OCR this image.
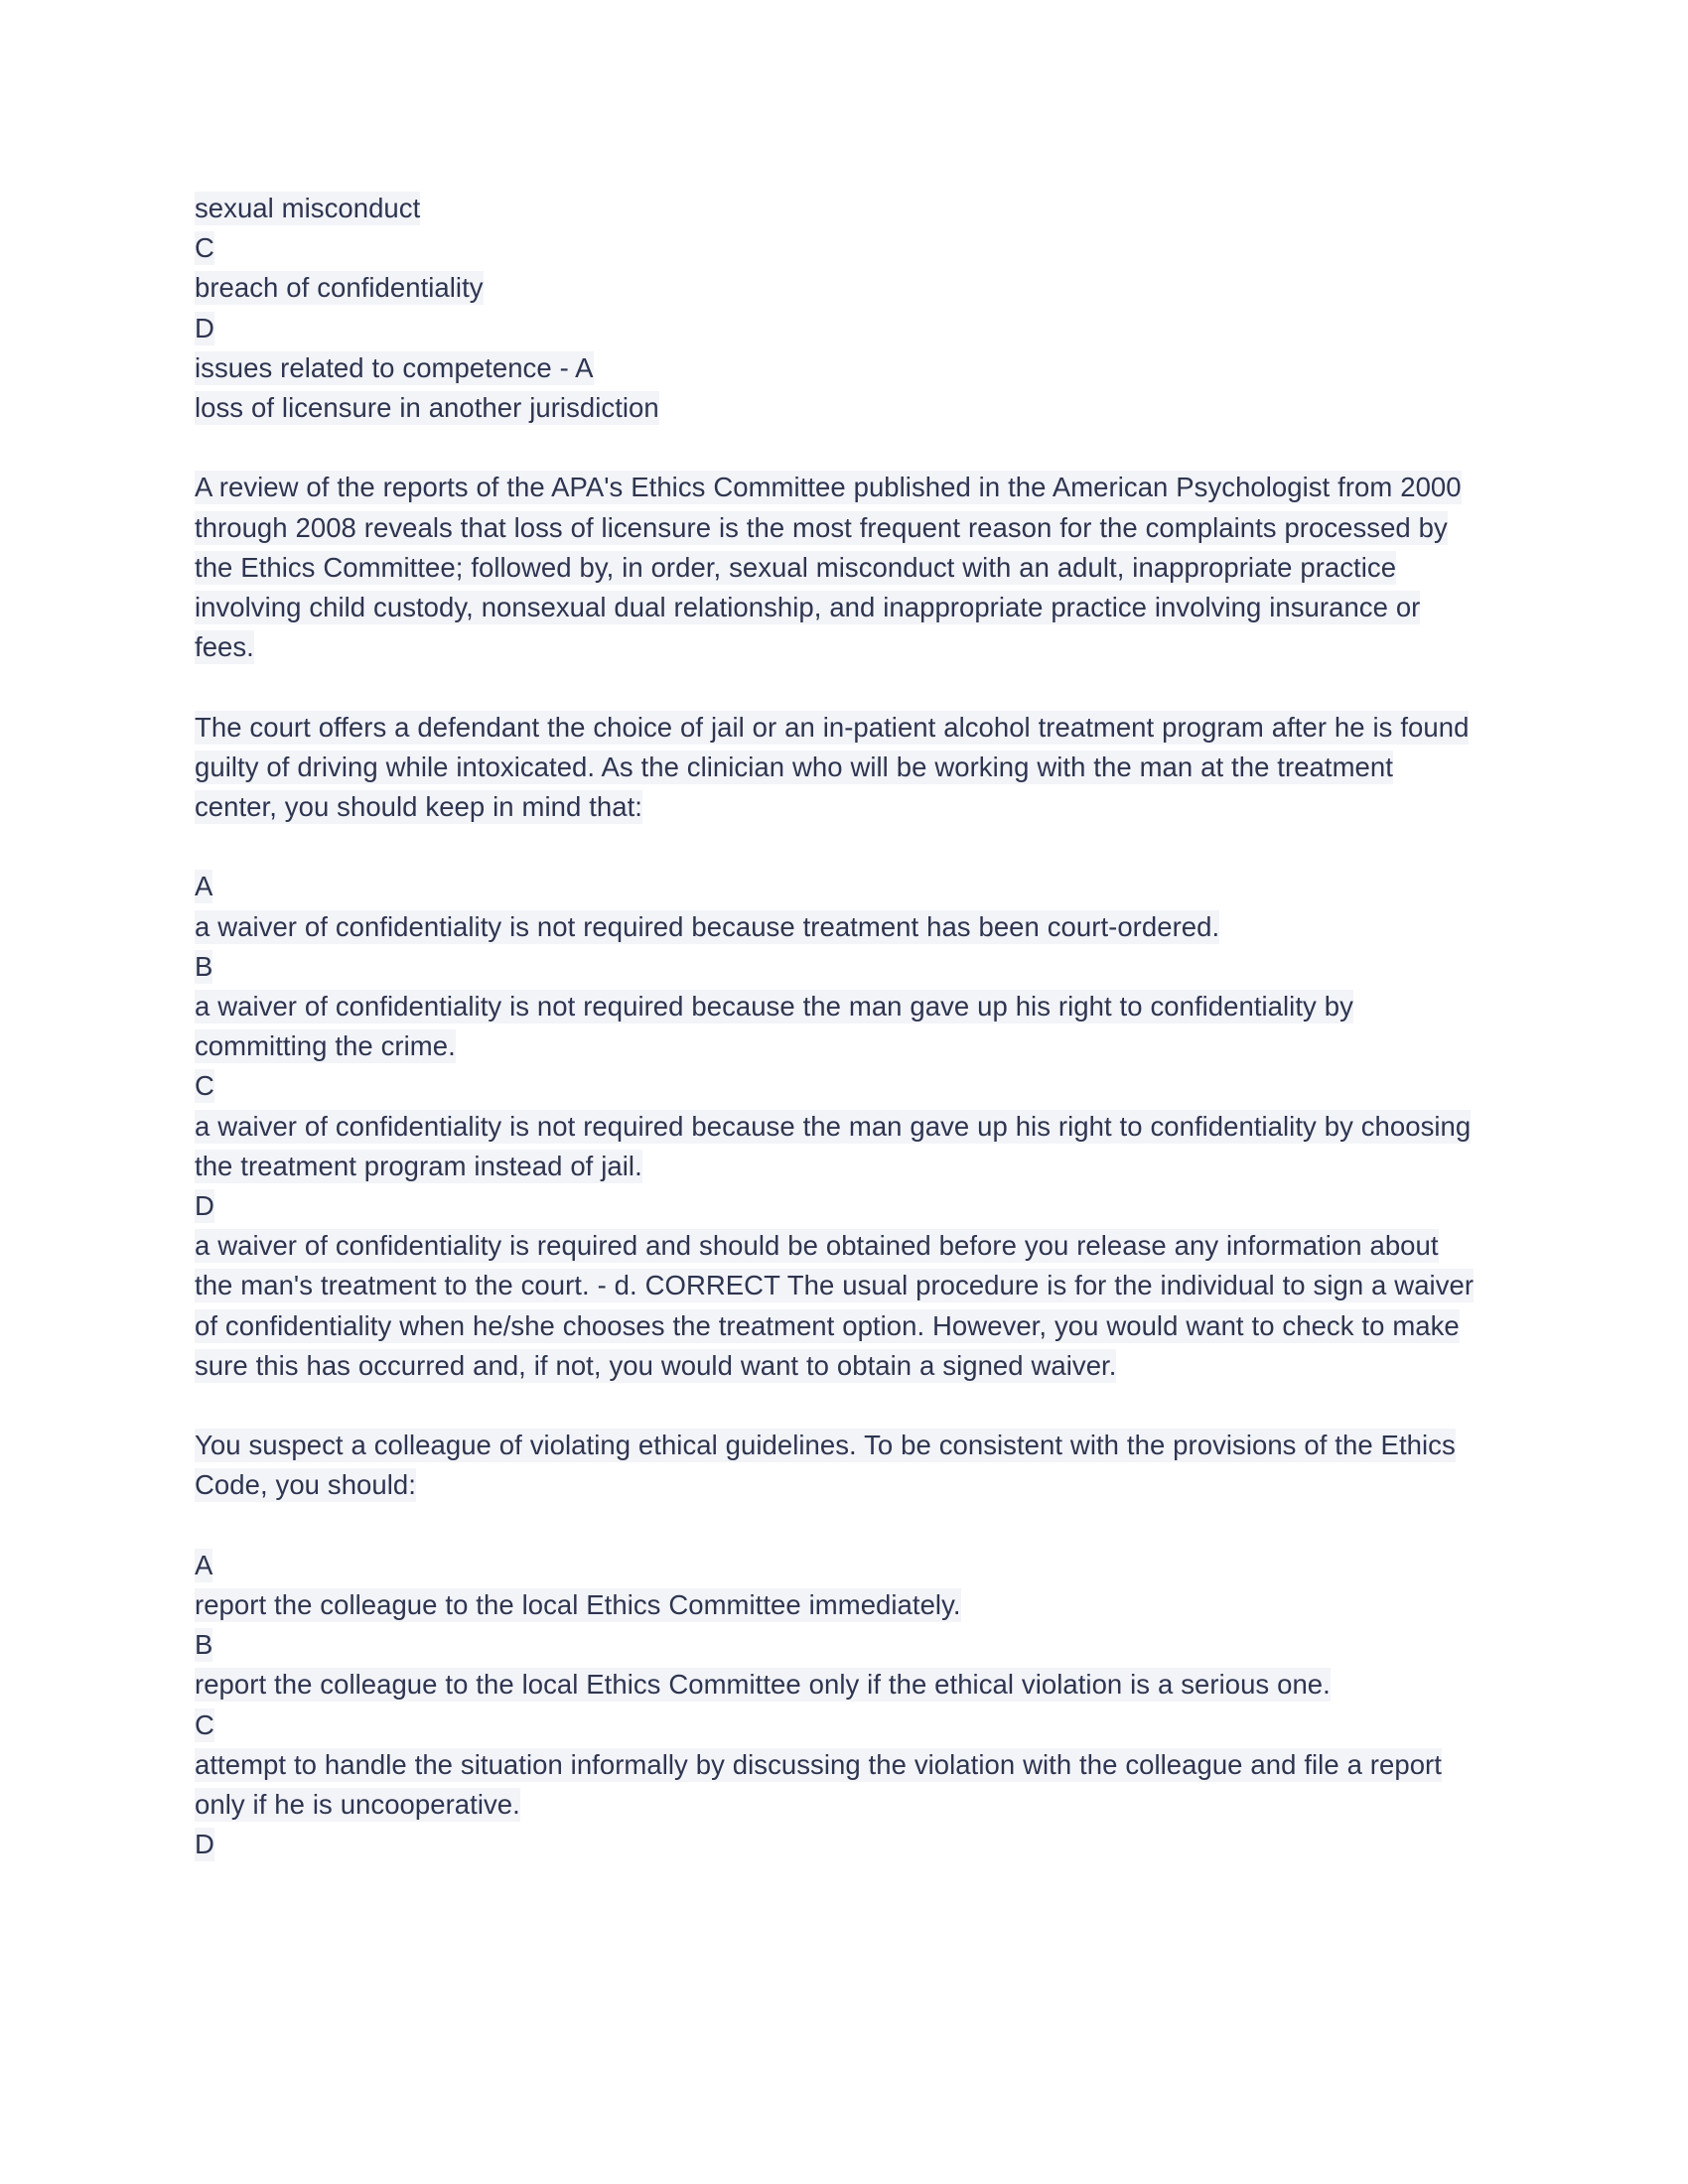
sexual misconduct
C
breach of confidentiality
D
issues related to competence - A
loss of licensure in another jurisdiction
A review of the reports of the APA's Ethics Committee published in the American Psychologist from 2000 through 2008 reveals that loss of licensure is the most frequent reason for the complaints processed by the Ethics Committee; followed by, in order, sexual misconduct with an adult, inappropriate practice involving child custody, nonsexual dual relationship, and inappropriate practice involving insurance or fees.
The court offers a defendant the choice of jail or an in-patient alcohol treatment program after he is found guilty of driving while intoxicated. As the clinician who will be working with the man at the treatment center, you should keep in mind that:
A
a waiver of confidentiality is not required because treatment has been court-ordered.
B
a waiver of confidentiality is not required because the man gave up his right to confidentiality by committing the crime.
C
a waiver of confidentiality is not required because the man gave up his right to confidentiality by choosing the treatment program instead of jail.
D
a waiver of confidentiality is required and should be obtained before you release any information about the man's treatment to the court. - d. CORRECT The usual procedure is for the individual to sign a waiver of confidentiality when he/she chooses the treatment option. However, you would want to check to make sure this has occurred and, if not, you would want to obtain a signed waiver.
You suspect a colleague of violating ethical guidelines. To be consistent with the provisions of the Ethics Code, you should:
A
report the colleague to the local Ethics Committee immediately.
B
report the colleague to the local Ethics Committee only if the ethical violation is a serious one.
C
attempt to handle the situation informally by discussing the violation with the colleague and file a report only if he is uncooperative.
D
